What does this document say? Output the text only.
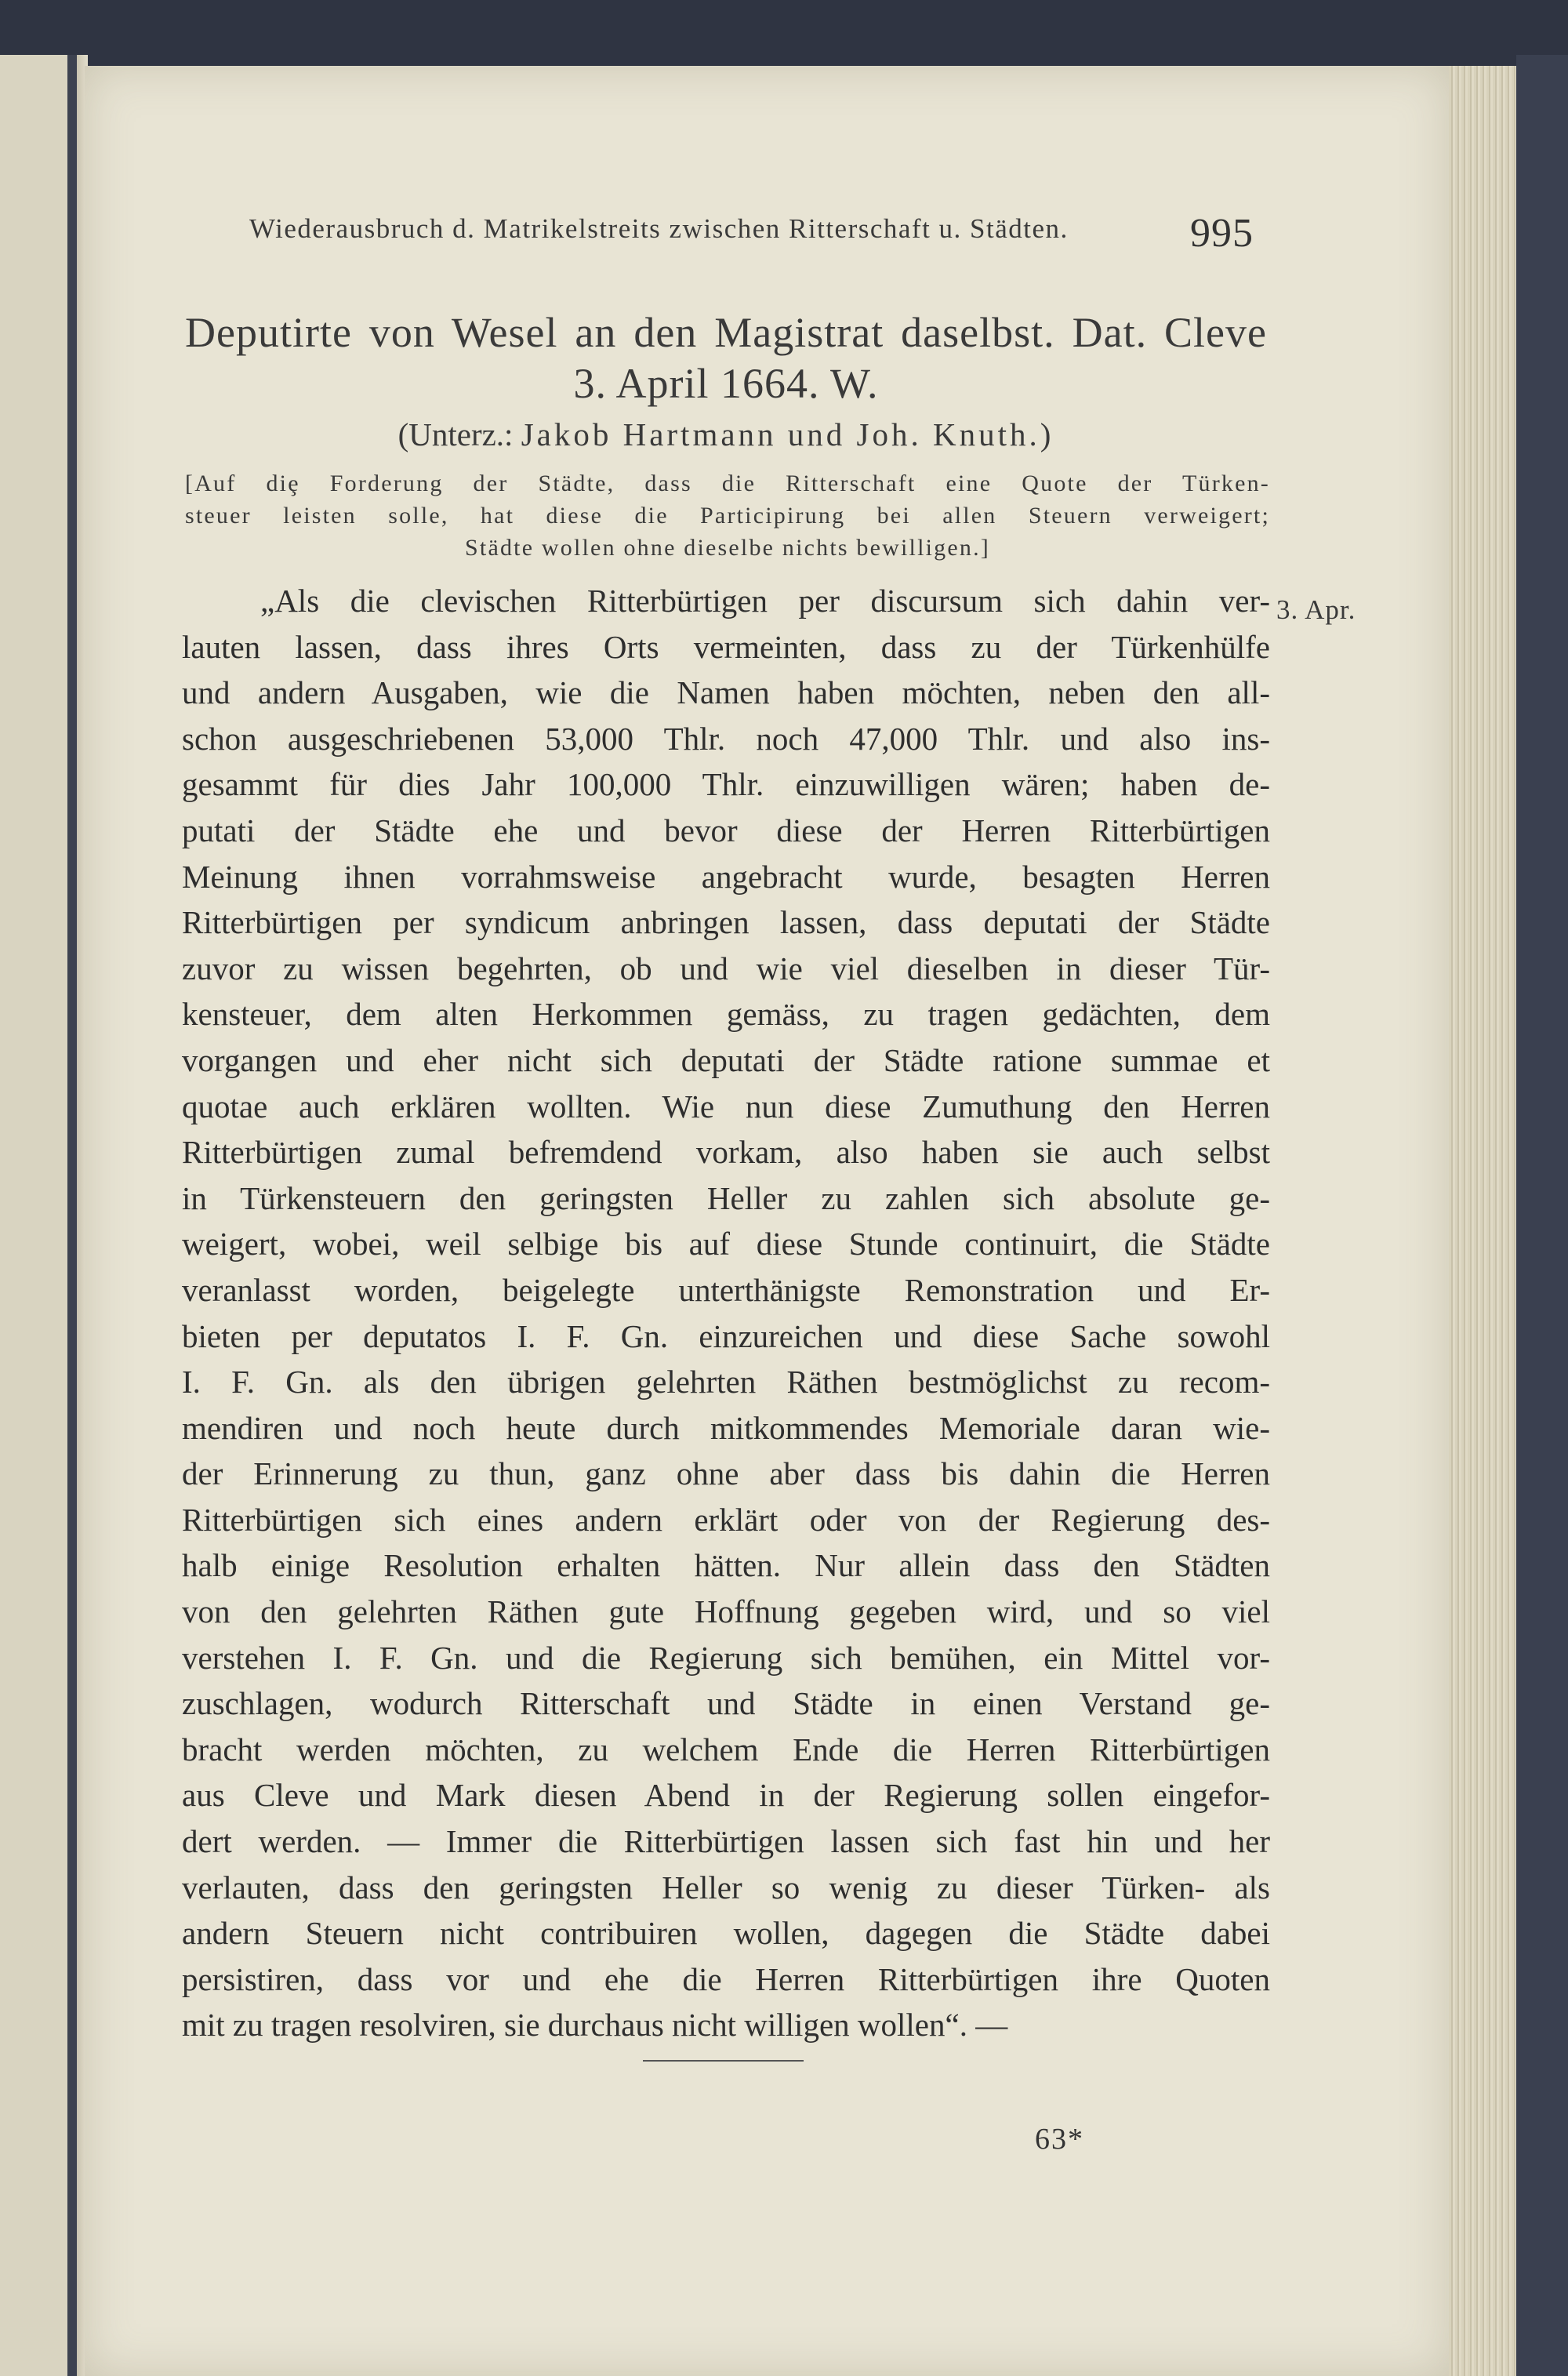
Wiederausbruch d. Matrikelstreits zwischen Ritterschaft u. Städten.	995
Deputirte von Wesel an den Magistrat daselbst. Dat. Cleve
3. April 1664. W.
(Unterz.: Jakob Hartmann und Joh. Knuth.)
[Auf diȩ Forderung der Städte, dass die Ritterschaft eine Quote der Türken-
steuer leisten solle, hat diese die Participirung bei allen Steuern verweigert;
Städte wollen ohne dieselbe nichts bewilligen.]
3. Apr.
„Als die clevischen Ritterbürtigen per discursum sich dahin ver-
lauten lassen, dass ihres Orts vermeinten, dass zu der Türkenhülfe
und andern Ausgaben, wie die Namen haben möchten, neben den all-
schon ausgeschriebenen 53,000 Thlr. noch 47,000 Thlr. und also ins-
gesammt für dies Jahr 100,000 Thlr. einzuwilligen wären; haben de-
putati der Städte ehe und bevor diese der Herren Ritterbürtigen
Meinung ihnen vorrahmsweise angebracht wurde, besagten Herren
Ritterbürtigen per syndicum anbringen lassen, dass deputati der Städte
zuvor zu wissen begehrten, ob und wie viel dieselben in dieser Tür-
kensteuer, dem alten Herkommen gemäss, zu tragen gedächten, dem
vorgangen und eher nicht sich deputati der Städte ratione summae et
quotae auch erklären wollten. Wie nun diese Zumuthung den Herren
Ritterbürtigen zumal befremdend vorkam, also haben sie auch selbst
in Türkensteuern den geringsten Heller zu zahlen sich absolute ge-
weigert, wobei, weil selbige bis auf diese Stunde continuirt, die Städte
veranlasst worden, beigelegte unterthänigste Remonstration und Er-
bieten per deputatos I. F. Gn. einzureichen und diese Sache sowohl
I. F. Gn. als den übrigen gelehrten Räthen bestmöglichst zu recom-
mendiren und noch heute durch mitkommendes Memoriale daran wie-
der Erinnerung zu thun, ganz ohne aber dass bis dahin die Herren
Ritterbürtigen sich eines andern erklärt oder von der Regierung des-
halb einige Resolution erhalten hätten. Nur allein dass den Städten
von den gelehrten Räthen gute Hoffnung gegeben wird, und so viel
verstehen I. F. Gn. und die Regierung sich bemühen, ein Mittel vor-
zuschlagen, wodurch Ritterschaft und Städte in einen Verstand ge-
bracht werden möchten, zu welchem Ende die Herren Ritterbürtigen
aus Cleve und Mark diesen Abend in der Regierung sollen eingefor-
dert werden. — Immer die Ritterbürtigen lassen sich fast hin und her
verlauten, dass den geringsten Heller so wenig zu dieser Türken- als
andern Steuern nicht contribuiren wollen, dagegen die Städte dabei
persistiren, dass vor und ehe die Herren Ritterbürtigen ihre Quoten
mit zu tragen resolviren, sie durchaus nicht willigen wollen“. —
63*
